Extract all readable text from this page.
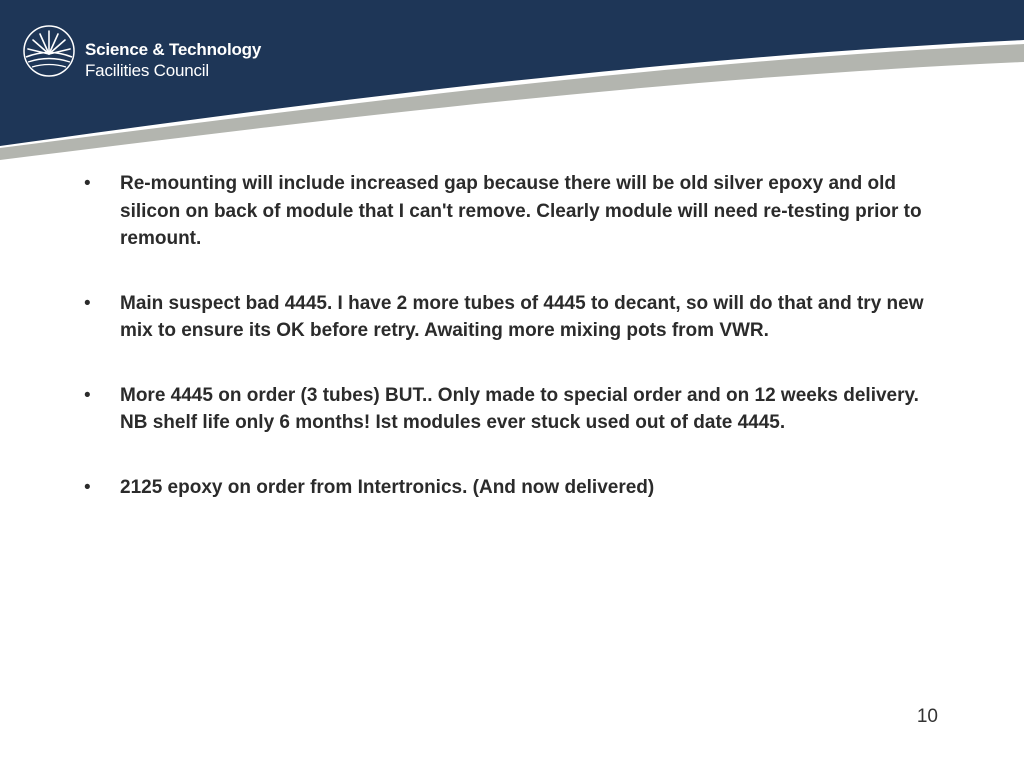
Science & Technology
Facilities Council
• Re-mounting will include increased gap because there will be old silver epoxy and old silicon on back of module that I can't remove. Clearly module will need re-testing prior to remount.
• Main suspect bad 4445. I have 2 more tubes of 4445 to decant, so will do that and try new mix to ensure its OK before retry. Awaiting more mixing pots from VWR.
• More 4445 on order (3 tubes) BUT.. Only made to special order and on 12 weeks delivery. NB shelf life only 6 months! Ist modules ever stuck used out of date 4445.
• 2125 epoxy on order from Intertronics. (And now delivered)
10
